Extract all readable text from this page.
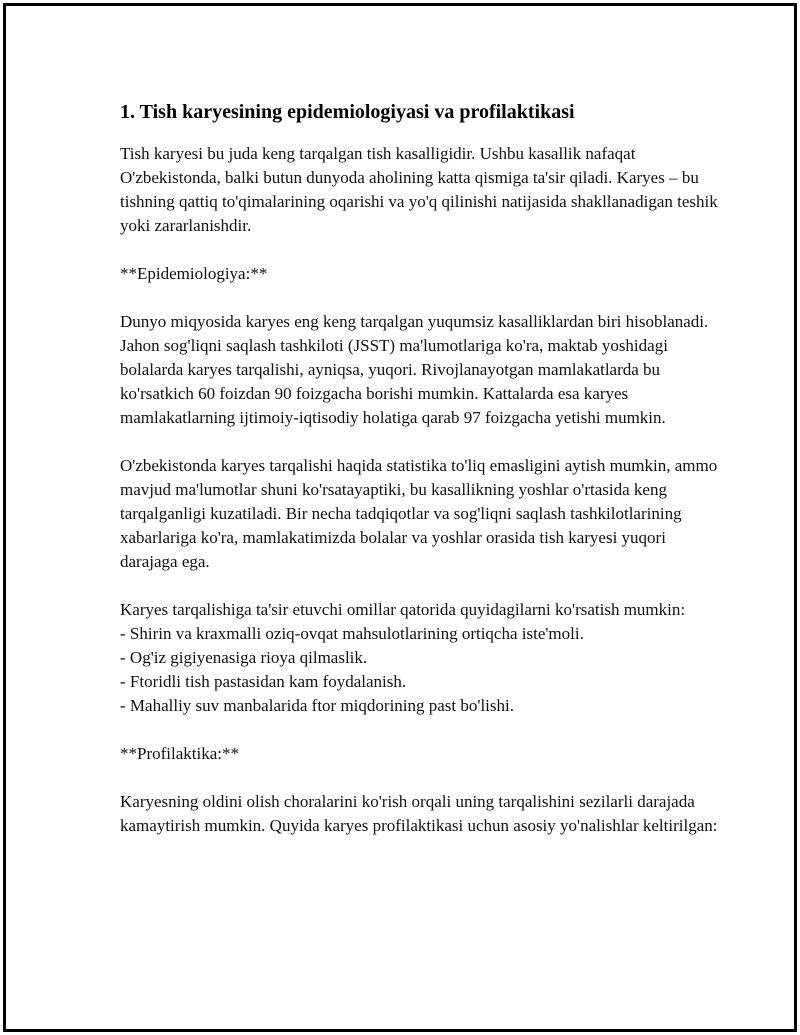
1. Tish karyesining epidemiologiyasi va profilaktikasi

Tish karyesi bu juda keng tarqalgan tish kasalligidir. Ushbu kasallik nafaqat O'zbekistonda, balki butun dunyoda aholining katta qismiga ta'sir qiladi. Karyes – bu tishning qattiq to'qimalarining oqarishi va yo'q qilinishi natijasida shakllanadigan teshik yoki zararlanishdir.

**Epidemiologiya:**

Dunyo miqyosida karyes eng keng tarqalgan yuqumsiz kasalliklardan biri hisoblanadi. Jahon sog'liqni saqlash tashkiloti (JSST) ma'lumotlariga ko'ra, maktab yoshidagi bolalarda karyes tarqalishi, ayniqsa, yuqori. Rivojlanayotgan mamlakatlarda bu ko'rsatkich 60 foizdan 90 foizgacha borishi mumkin. Kattalarda esa karyes mamlakatlarning ijtimoiy-iqtisodiy holatiga qarab 97 foizgacha yetishi mumkin.

O'zbekistonda karyes tarqalishi haqida statistika to'liq emasligini aytish mumkin, ammo mavjud ma'lumotlar shuni ko'rsatayaptiki, bu kasallikning yoshlar o'rtasida keng tarqalganligi kuzatiladi. Bir necha tadqiqotlar va sog'liqni saqlash tashkilotlarining xabarlariga ko'ra, mamlakatimizda bolalar va yoshlar orasida tish karyesi yuqori darajaga ega.

Karyes tarqalishiga ta'sir etuvchi omillar qatorida quyidagilarni ko'rsatish mumkin:
- Shirin va kraxmalli oziq-ovqat mahsulotlarining ortiqcha iste'moli.
- Og'iz gigiyenasiga rioya qilmaslik.
- Ftoridli tish pastasidan kam foydalanish.
- Mahalliy suv manbalarida ftor miqdorining past bo'lishi.

**Profilaktika:**

Karyesning oldini olish choralarini ko'rish orqali uning tarqalishini sezilarli darajada kamaytirish mumkin. Quyida karyes profilaktikasi uchun asosiy yo'nalishlar keltirilgan:
